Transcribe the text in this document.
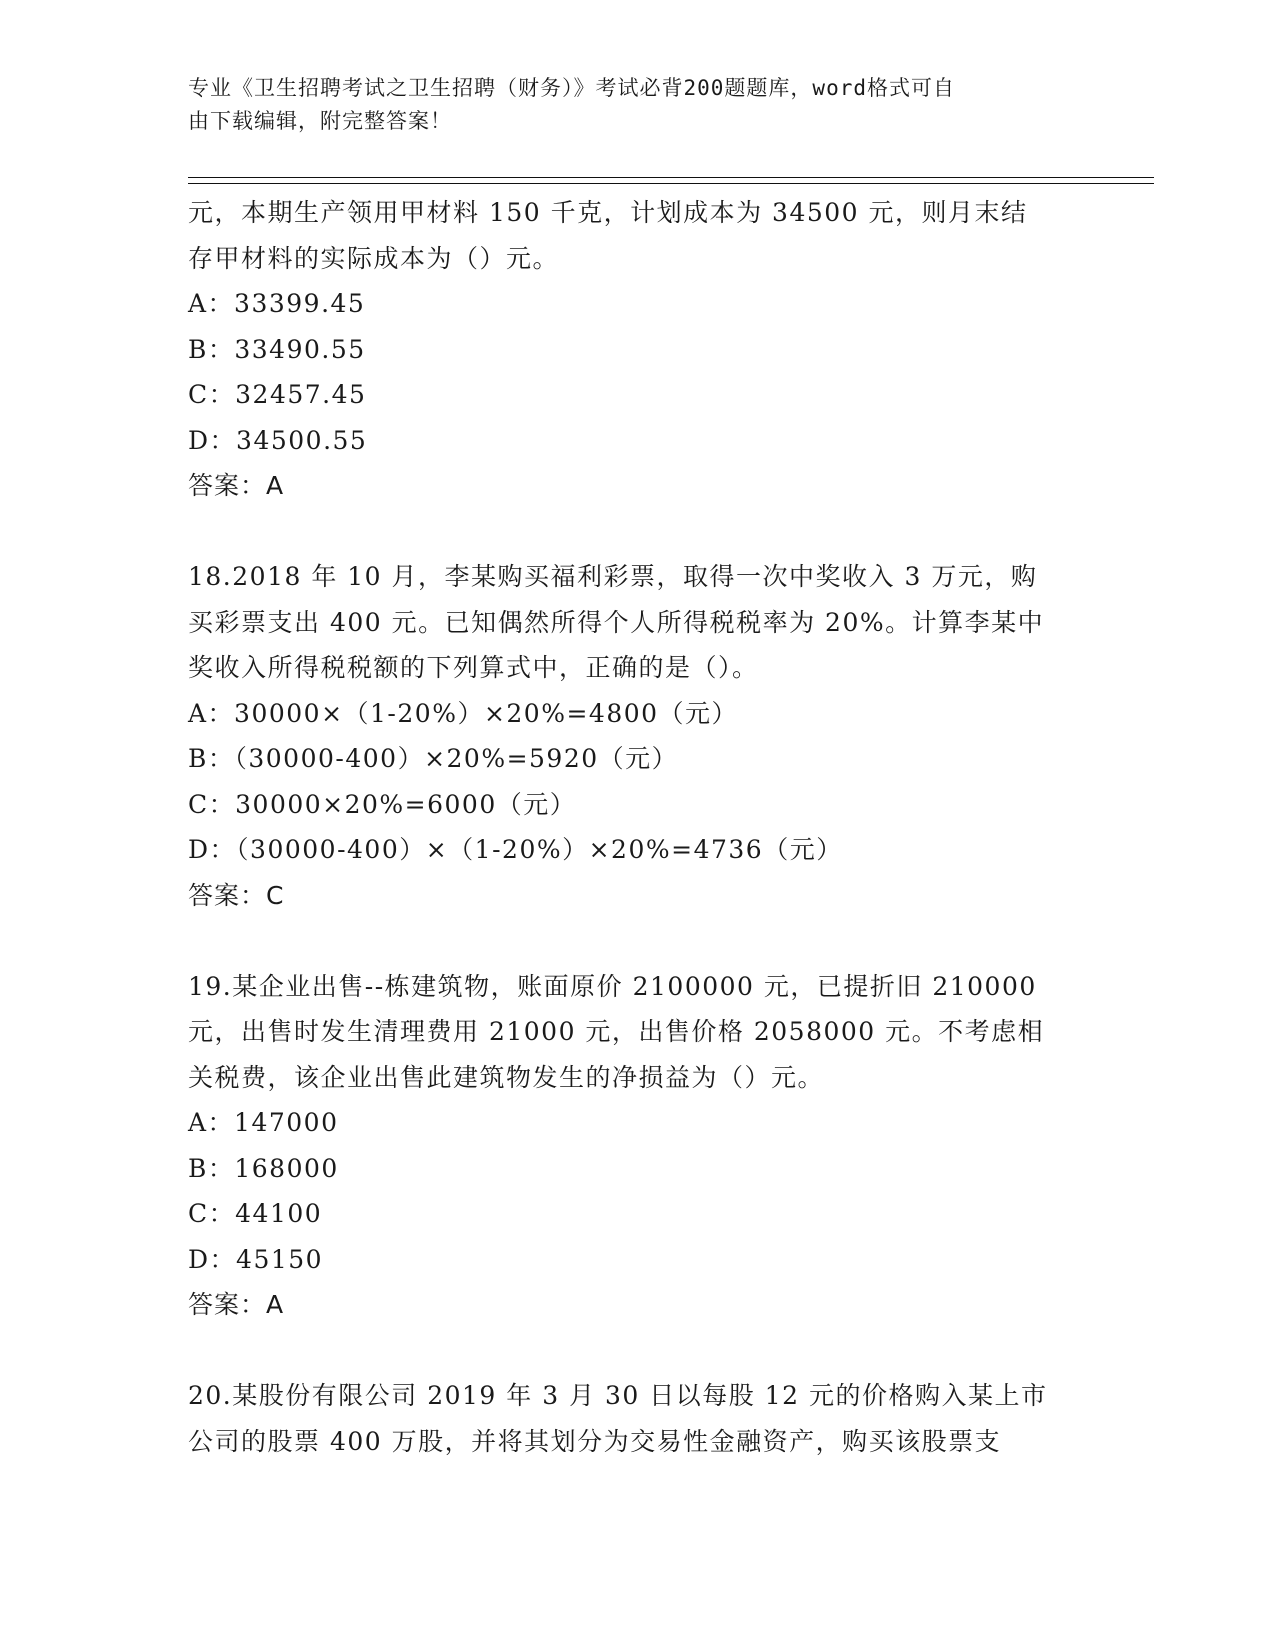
专业《卫生招聘考试之卫生招聘（财务）》考试必背200题题库，word格式可自
由下载编辑，附完整答案！
元，本期生产领用甲材料 150 千克，计划成本为 34500 元，则月末结
存甲材料的实际成本为（）元。
A：33399.45
B：33490.55
C：32457.45
D：34500.55
答案：A
18.2018 年 10 月，李某购买福利彩票，取得一次中奖收入 3 万元，购
买彩票支出 400 元。已知偶然所得个人所得税税率为 20%。计算李某中
奖收入所得税税额的下列算式中，正确的是（）。
A：30000×（1-20%）×20%=4800（元）
B：（30000-400）×20%=5920（元）
C：30000×20%=6000（元）
D：（30000-400）×（1-20%）×20%=4736（元）
答案：C
19.某企业出售--栋建筑物，账面原价 2100000 元，已提折旧 210000
元，出售时发生清理费用 21000 元，出售价格 2058000 元。不考虑相
关税费，该企业出售此建筑物发生的净损益为（）元。
A：147000
B：168000
C：44100
D：45150
答案：A
20.某股份有限公司 2019 年 3 月 30 日以每股 12 元的价格购入某上市
公司的股票 400 万股，并将其划分为交易性金融资产，购买该股票支
